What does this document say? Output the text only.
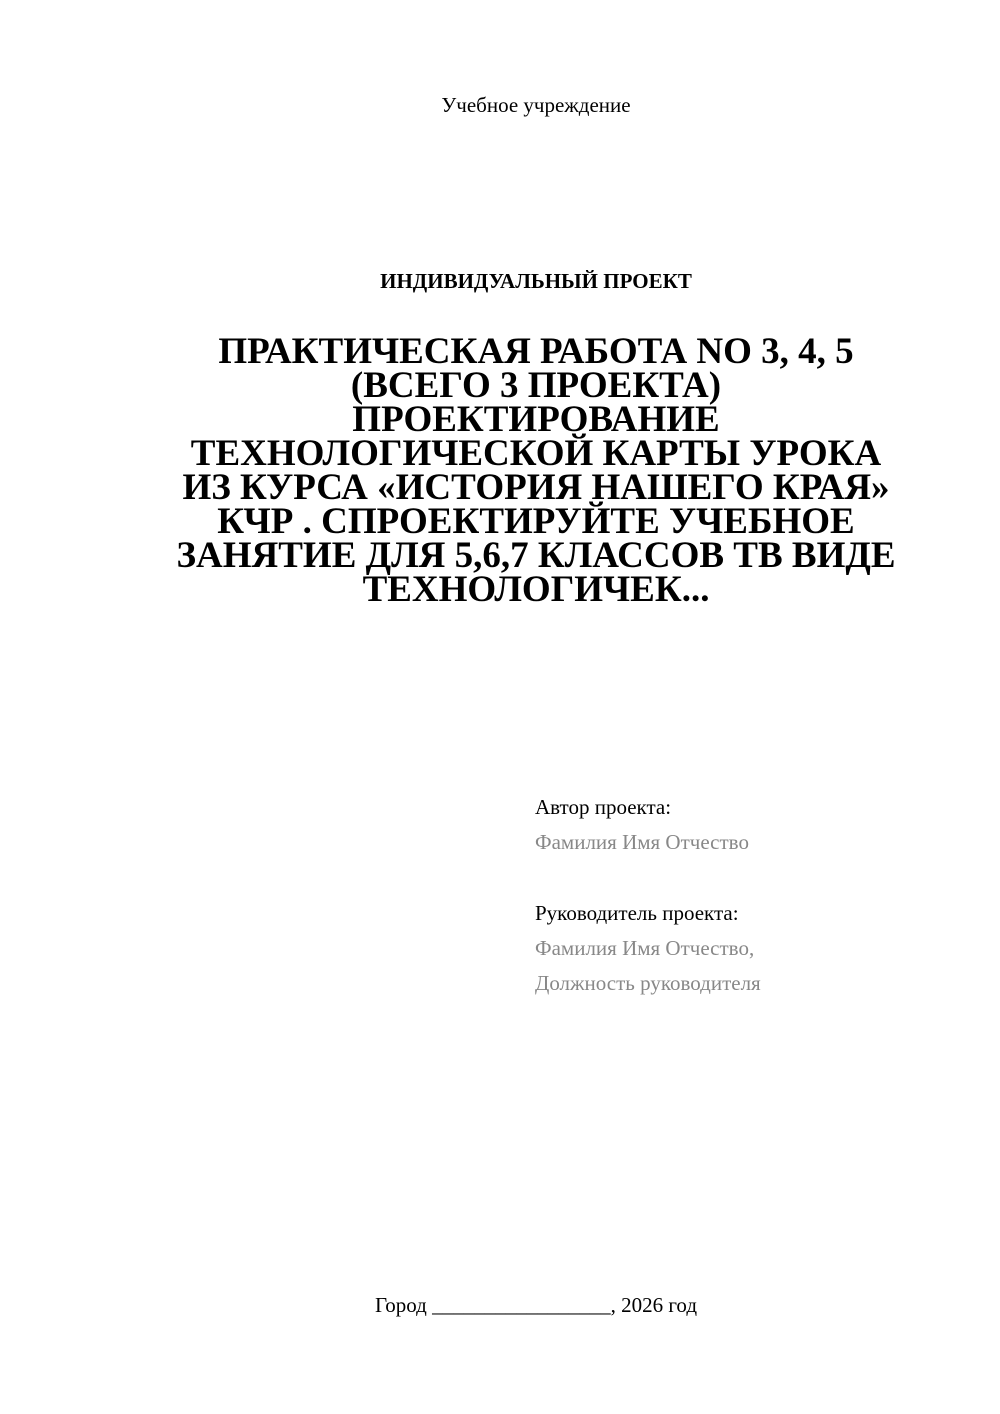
Учебное учреждение
ИНДИВИДУАЛЬНЫЙ ПРОЕКТ
ПРАКТИЧЕСКАЯ РАБОТА NO 3, 4, 5
(ВСЕГО 3 ПРОЕКТА)
ПРОЕКТИРОВАНИЕ
ТЕХНОЛОГИЧЕСКОЙ КАРТЫ УРОКА
ИЗ КУРСА «ИСТОРИЯ НАШЕГО КРАЯ»
КЧР . СПРОЕКТИРУЙТЕ УЧЕБНОЕ
ЗАНЯТИЕ ДЛЯ 5,6,7 КЛАССОВ ТВ ВИДЕ
ТЕХНОЛОГИЧЕК...
Автор проекта:
Фамилия Имя Отчество
Руководитель проекта:
Фамилия Имя Отчество,
Должность руководителя
Город _________________, 2026 год
